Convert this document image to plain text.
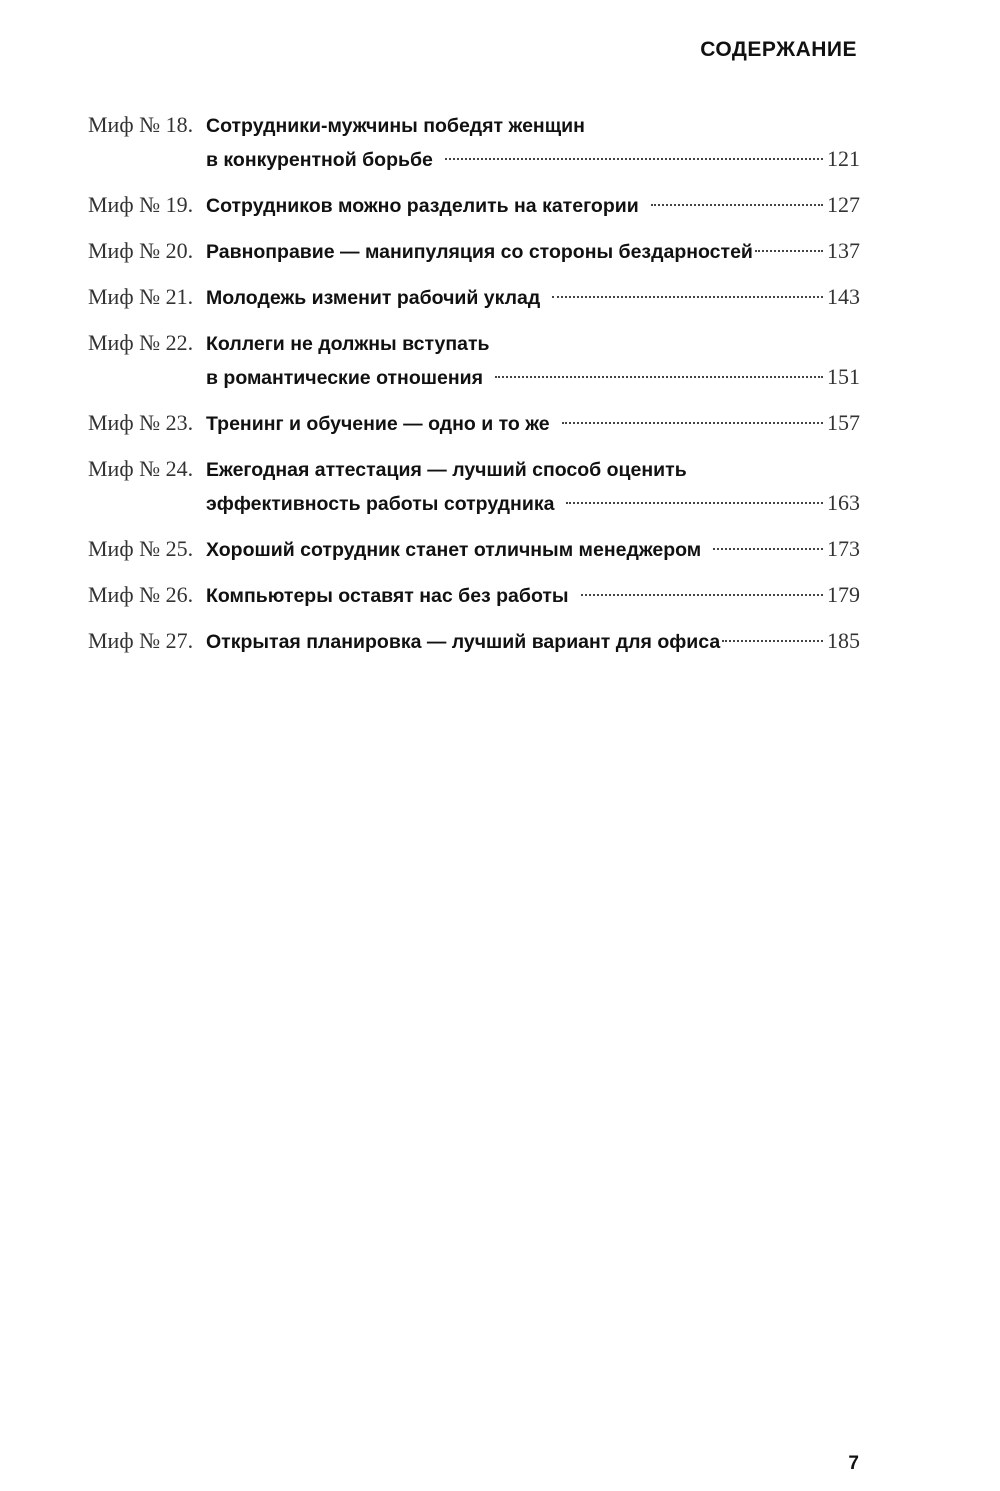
СОДЕРЖАНИЕ
Миф № 18. Сотрудники-мужчины победят женщин
в конкурентной борьбе	121
Миф № 19. Сотрудников можно разделить на категории	127
Миф № 20. Равноправие — манипуляция со стороны бездарностей	137
Миф № 21. Молодежь изменит рабочий уклад	143
Миф № 22. Коллеги не должны вступать
в романтические отношения	151
Миф № 23. Тренинг и обучение — одно и то же	157
Миф № 24. Ежегодная аттестация — лучший способ оценить
эффективность работы сотрудника	163
Миф № 25. Хороший сотрудник станет отличным менеджером	173
Миф № 26. Компьютеры оставят нас без работы	179
Миф № 27. Открытая планировка — лучший вариант для офиса	185
7
